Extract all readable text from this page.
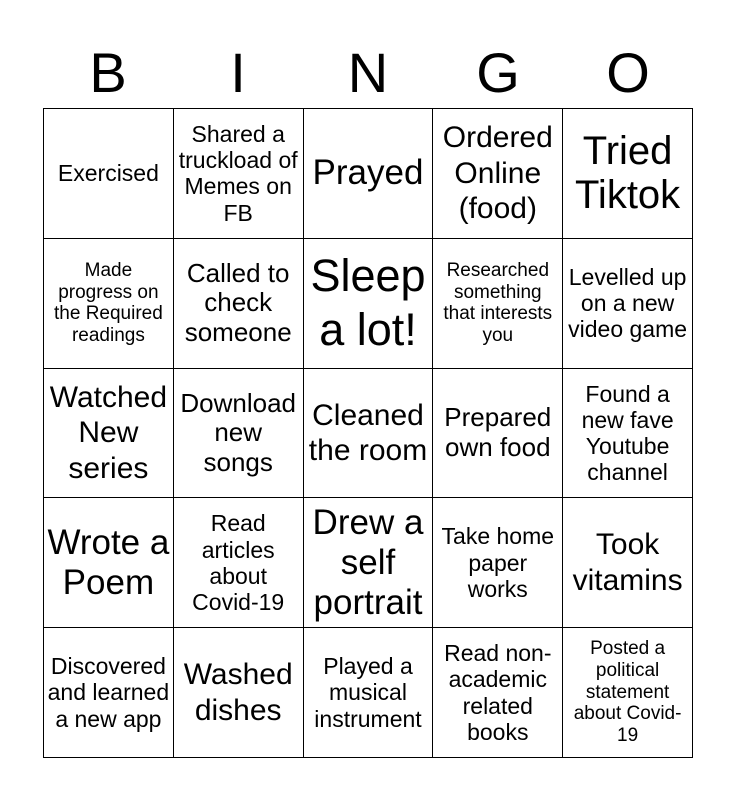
B	I	N	G	O
Exercised
Shared a truckload of Memes on FB
Prayed
Ordered Online (food)
Tried Tiktok
Made progress on the Required readings
Called to check someone
Sleep a lot!
Researched something that interests you
Levelled up on a new video game
Watched New series
Download new songs
Cleaned the room
Prepared own food
Found a new fave Youtube channel
Wrote a Poem
Read articles about Covid-19
Drew a self portrait
Take home paper works
Took vitamins
Discovered and learned a new app
Washed dishes
Played a musical instrument
Read non-academic related books
Posted a political statement about Covid-19
